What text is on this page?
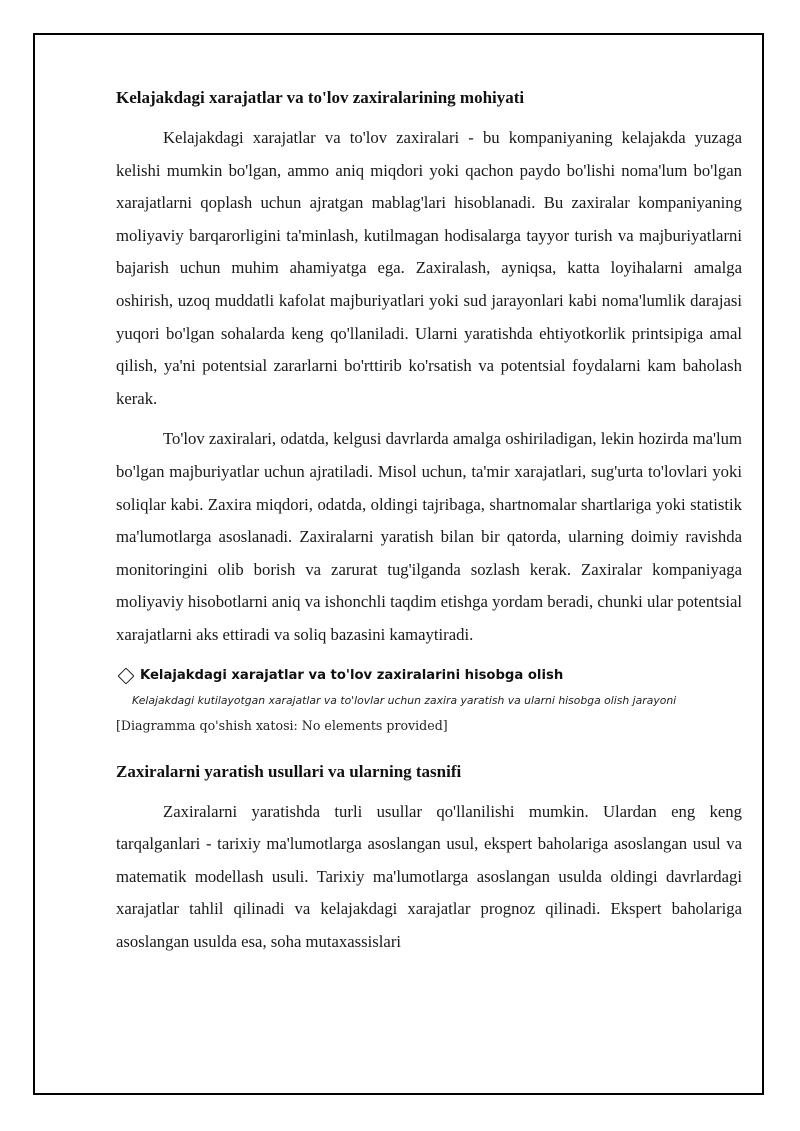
Kelajakdagi xarajatlar va to'lov zaxiralarining mohiyati

Kelajakdagi xarajatlar va to'lov zaxiralari - bu kompaniyaning kelajakda yuzaga kelishi mumkin bo'lgan, ammo aniq miqdori yoki qachon paydo bo'lishi noma'lum bo'lgan xarajatlarni qoplash uchun ajratgan mablag'lari hisoblanadi. Bu zaxiralar kompaniyaning moliyaviy barqarorligini ta'minlash, kutilmagan hodisalarga tayyor turish va majburiyatlarni bajarish uchun muhim ahamiyatga ega. Zaxiralash, ayniqsa, katta loyihalarni amalga oshirish, uzoq muddatli kafolat majburiyatlari yoki sud jarayonlari kabi noma'lumlik darajasi yuqori bo'lgan sohalarda keng qo'llaniladi. Ularni yaratishda ehtiyotkorlik printsipiga amal qilish, ya'ni potentsial zararlarni bo'rttirib ko'rsatish va potentsial foydalarni kam baholash kerak.

To'lov zaxiralari, odatda, kelgusi davrlarda amalga oshiriladigan, lekin hozirda ma'lum bo'lgan majburiyatlar uchun ajratiladi. Misol uchun, ta'mir xarajatlari, sug'urta to'lovlari yoki soliqlar kabi. Zaxira miqdori, odatda, oldingi tajribaga, shartnomalar shartlariga yoki statistik ma'lumotlarga asoslanadi. Zaxiralarni yaratish bilan bir qatorda, ularning doimiy ravishda monitoringini olib borish va zarurat tug'ilganda sozlash kerak. Zaxiralar kompaniyaga moliyaviy hisobotlarni aniq va ishonchli taqdim etishga yordam beradi, chunki ular potentsial xarajatlarni aks ettiradi va soliq bazasini kamaytiradi.

Kelajakdagi xarajatlar va to'lov zaxiralarini hisobga olish
Kelajakdagi kutilayotgan xarajatlar va to'lovlar uchun zaxira yaratish va ularni hisobga olish jarayoni
[Diagramma qo'shish xatosi: No elements provided]
Zaxiralarni yaratish usullari va ularning tasnifi

Zaxiralarni yaratishda turli usullar qo'llanilishi mumkin. Ulardan eng keng tarqalganlari - tarixiy ma'lumotlarga asoslangan usul, ekspert baholariga asoslangan usul va matematik modellash usuli. Tarixiy ma'lumotlarga asoslangan usulda oldingi davrlardagi xarajatlar tahlil qilinadi va kelajakdagi xarajatlar prognoz qilinadi. Ekspert baholariga asoslangan usulda esa, soha mutaxassislari
